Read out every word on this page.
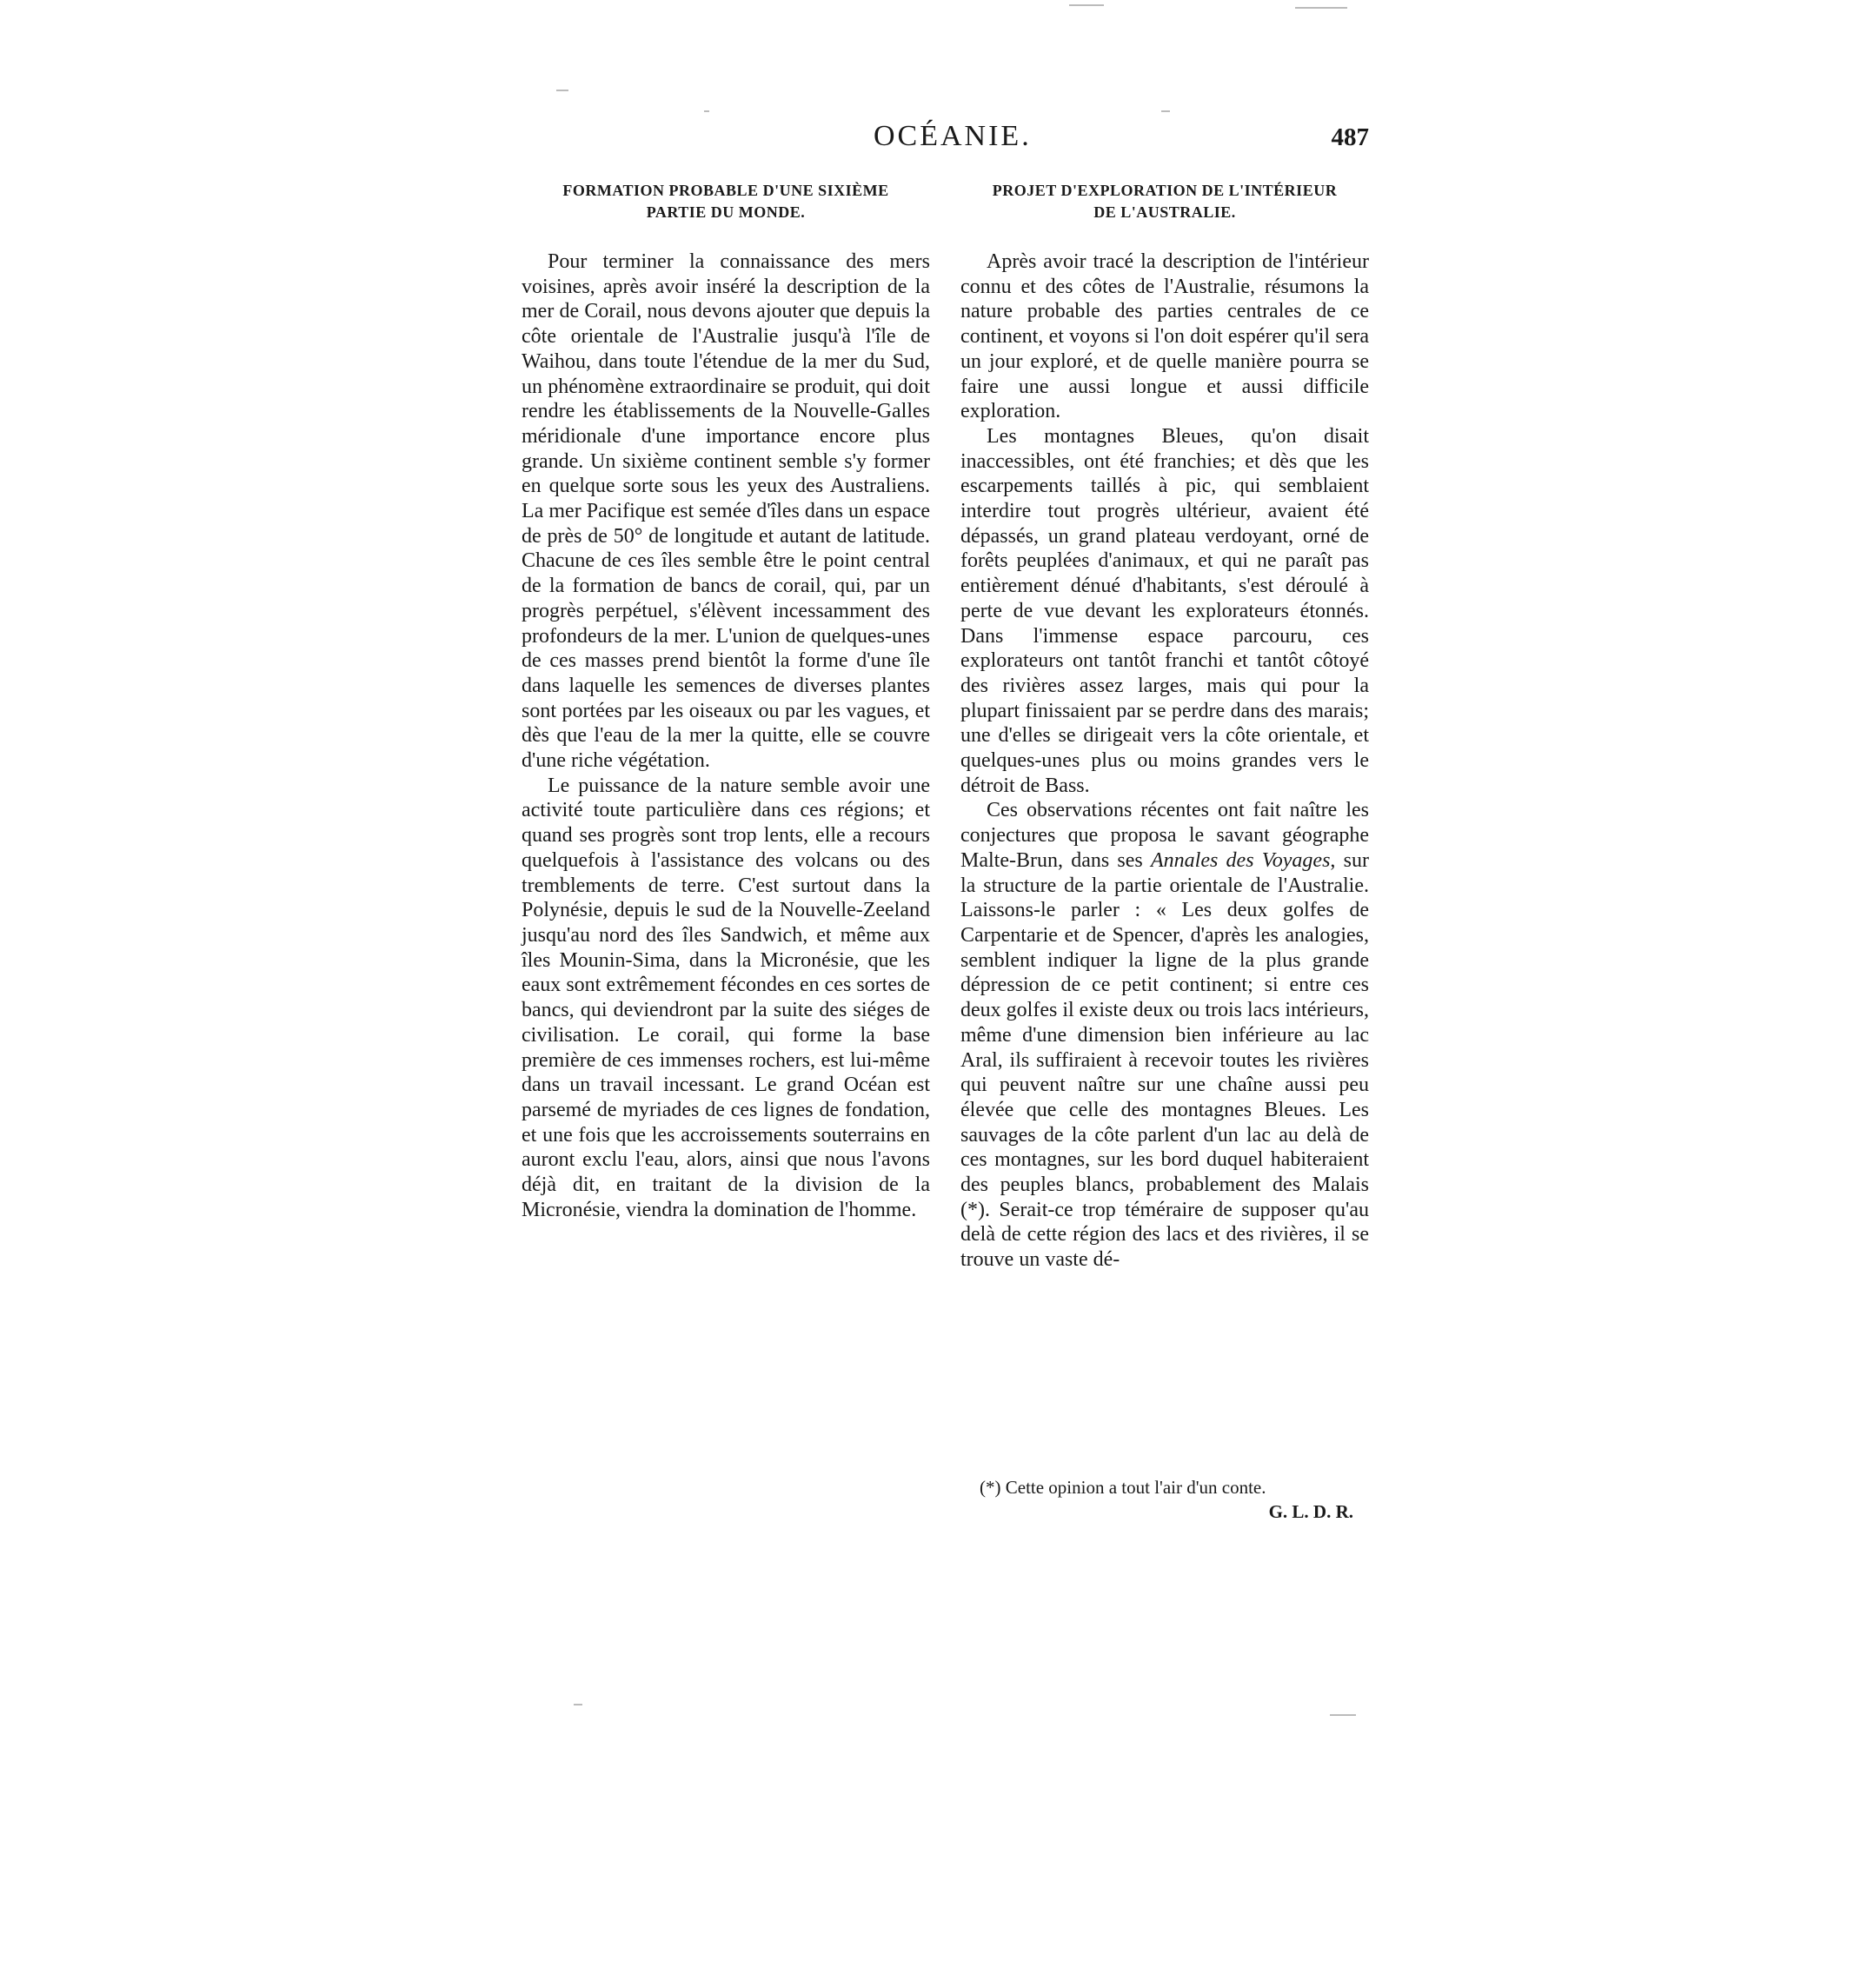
OCÉANIE.	487
FORMATION PROBABLE D'UNE SIXIÈME
PARTIE DU MONDE.

Pour terminer la connaissance des mers voisines, après avoir inséré la description de la mer de Corail, nous devons ajouter que depuis la côte orientale de l'Australie jusqu'à l'île de Waihou, dans toute l'étendue de la mer du Sud, un phénomène extraordinaire se produit, qui doit rendre les établissements de la Nouvelle-Galles méridionale d'une importance encore plus grande. Un sixième continent semble s'y former en quelque sorte sous les yeux des Australiens. La mer Pacifique est semée d'îles dans un espace de près de 50° de longitude et autant de latitude. Chacune de ces îles semble être le point central de la formation de bancs de corail, qui, par un progrès perpétuel, s'élèvent incessamment des profondeurs de la mer. L'union de quelques-unes de ces masses prend bientôt la forme d'une île dans laquelle les semences de diverses plantes sont portées par les oiseaux ou par les vagues, et dès que l'eau de la mer la quitte, elle se couvre d'une riche végétation.

Le puissance de la nature semble avoir une activité toute particulière dans ces régions; et quand ses progrès sont trop lents, elle a recours quelquefois à l'assistance des volcans ou des tremblements de terre. C'est surtout dans la Polynésie, depuis le sud de la Nouvelle-Zeeland jusqu'au nord des îles Sandwich, et même aux îles Mounin-Sima, dans la Micronésie, que les eaux sont extrêmement fécondes en ces sortes de bancs, qui deviendront par la suite des siéges de civilisation. Le corail, qui forme la base première de ces immenses rochers, est lui-même dans un travail incessant. Le grand Océan est parsemé de myriades de ces lignes de fondation, et une fois que les accroissements souterrains en auront exclu l'eau, alors, ainsi que nous l'avons déjà dit, en traitant de la division de la Micronésie, viendra la domination de l'homme.

PROJET D'EXPLORATION DE L'INTÉRIEUR
DE L'AUSTRALIE.

Après avoir tracé la description de l'intérieur connu et des côtes de l'Australie, résumons la nature probable des parties centrales de ce continent, et voyons si l'on doit espérer qu'il sera un jour exploré, et de quelle manière pourra se faire une aussi longue et aussi difficile exploration.

Les montagnes Bleues, qu'on disait inaccessibles, ont été franchies; et dès que les escarpements taillés à pic, qui semblaient interdire tout progrès ultérieur, avaient été dépassés, un grand plateau verdoyant, orné de forêts peuplées d'animaux, et qui ne paraît pas entièrement dénué d'habitants, s'est déroulé à perte de vue devant les explorateurs étonnés. Dans l'immense espace parcouru, ces explorateurs ont tantôt franchi et tantôt côtoyé des rivières assez larges, mais qui pour la plupart finissaient par se perdre dans des marais; une d'elles se dirigeait vers la côte orientale, et quelques-unes plus ou moins grandes vers le détroit de Bass.

Ces observations récentes ont fait naître les conjectures que proposa le savant géographe Malte-Brun, dans ses Annales des Voyages, sur la structure de la partie orientale de l'Australie. Laissons-le parler : « Les deux golfes de Carpentarie et de Spencer, d'après les analogies, semblent indiquer la ligne de la plus grande dépression de ce petit continent; si entre ces deux golfes il existe deux ou trois lacs intérieurs, même d'une dimension bien inférieure au lac Aral, ils suffiraient à recevoir toutes les rivières qui peuvent naître sur une chaîne aussi peu élevée que celle des montagnes Bleues. Les sauvages de la côte parlent d'un lac au delà de ces montagnes, sur les bord duquel habiteraient des peuples blancs, probablement des Malais (*). Serait-ce trop téméraire de supposer qu'au delà de cette région des lacs et des rivières, il se trouve un vaste dé-

(*) Cette opinion a tout l'air d'un conte.
G. L. D. R.
